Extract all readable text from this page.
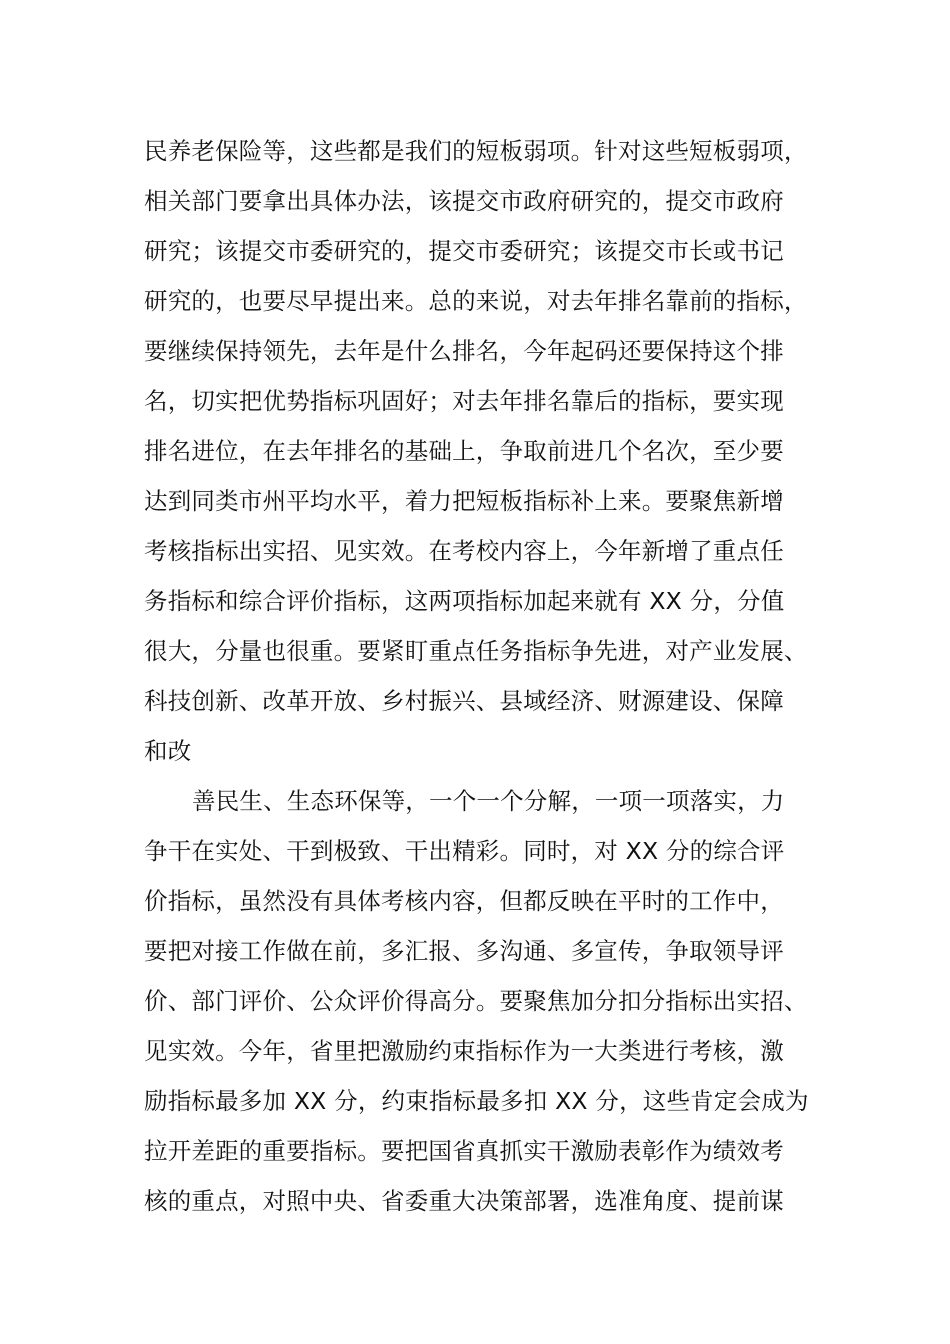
民养老保险等，这些都是我们的短板弱项。针对这些短板弱项，
相关部门要拿出具体办法，该提交市政府研究的，提交市政府
研究；该提交市委研究的，提交市委研究；该提交市长或书记
研究的，也要尽早提出来。总的来说，对去年排名靠前的指标，
要继续保持领先，去年是什么排名，今年起码还要保持这个排
名，切实把优势指标巩固好；对去年排名靠后的指标，要实现
排名进位，在去年排名的基础上，争取前进几个名次，至少要
达到同类市州平均水平，着力把短板指标补上来。要聚焦新增
考核指标出实招、见实效。在考校内容上，今年新增了重点任
务指标和综合评价指标，这两项指标加起来就有 XX 分，分值
很大，分量也很重。要紧盯重点任务指标争先进，对产业发展、
科技创新、改革开放、乡村振兴、县域经济、财源建设、保障
和改
善民生、生态环保等，一个一个分解，一项一项落实，力
争干在实处、干到极致、干出精彩。同时，对 XX 分的综合评
价指标，虽然没有具体考核内容，但都反映在平时的工作中，
要把对接工作做在前，多汇报、多沟通、多宣传，争取领导评
价、部门评价、公众评价得高分。要聚焦加分扣分指标出实招、
见实效。今年，省里把激励约束指标作为一大类进行考核，激
励指标最多加 XX 分，约束指标最多扣 XX 分，这些肯定会成为
拉开差距的重要指标。要把国省真抓实干激励表彰作为绩效考
核的重点，对照中央、省委重大决策部署，选准角度、提前谋
